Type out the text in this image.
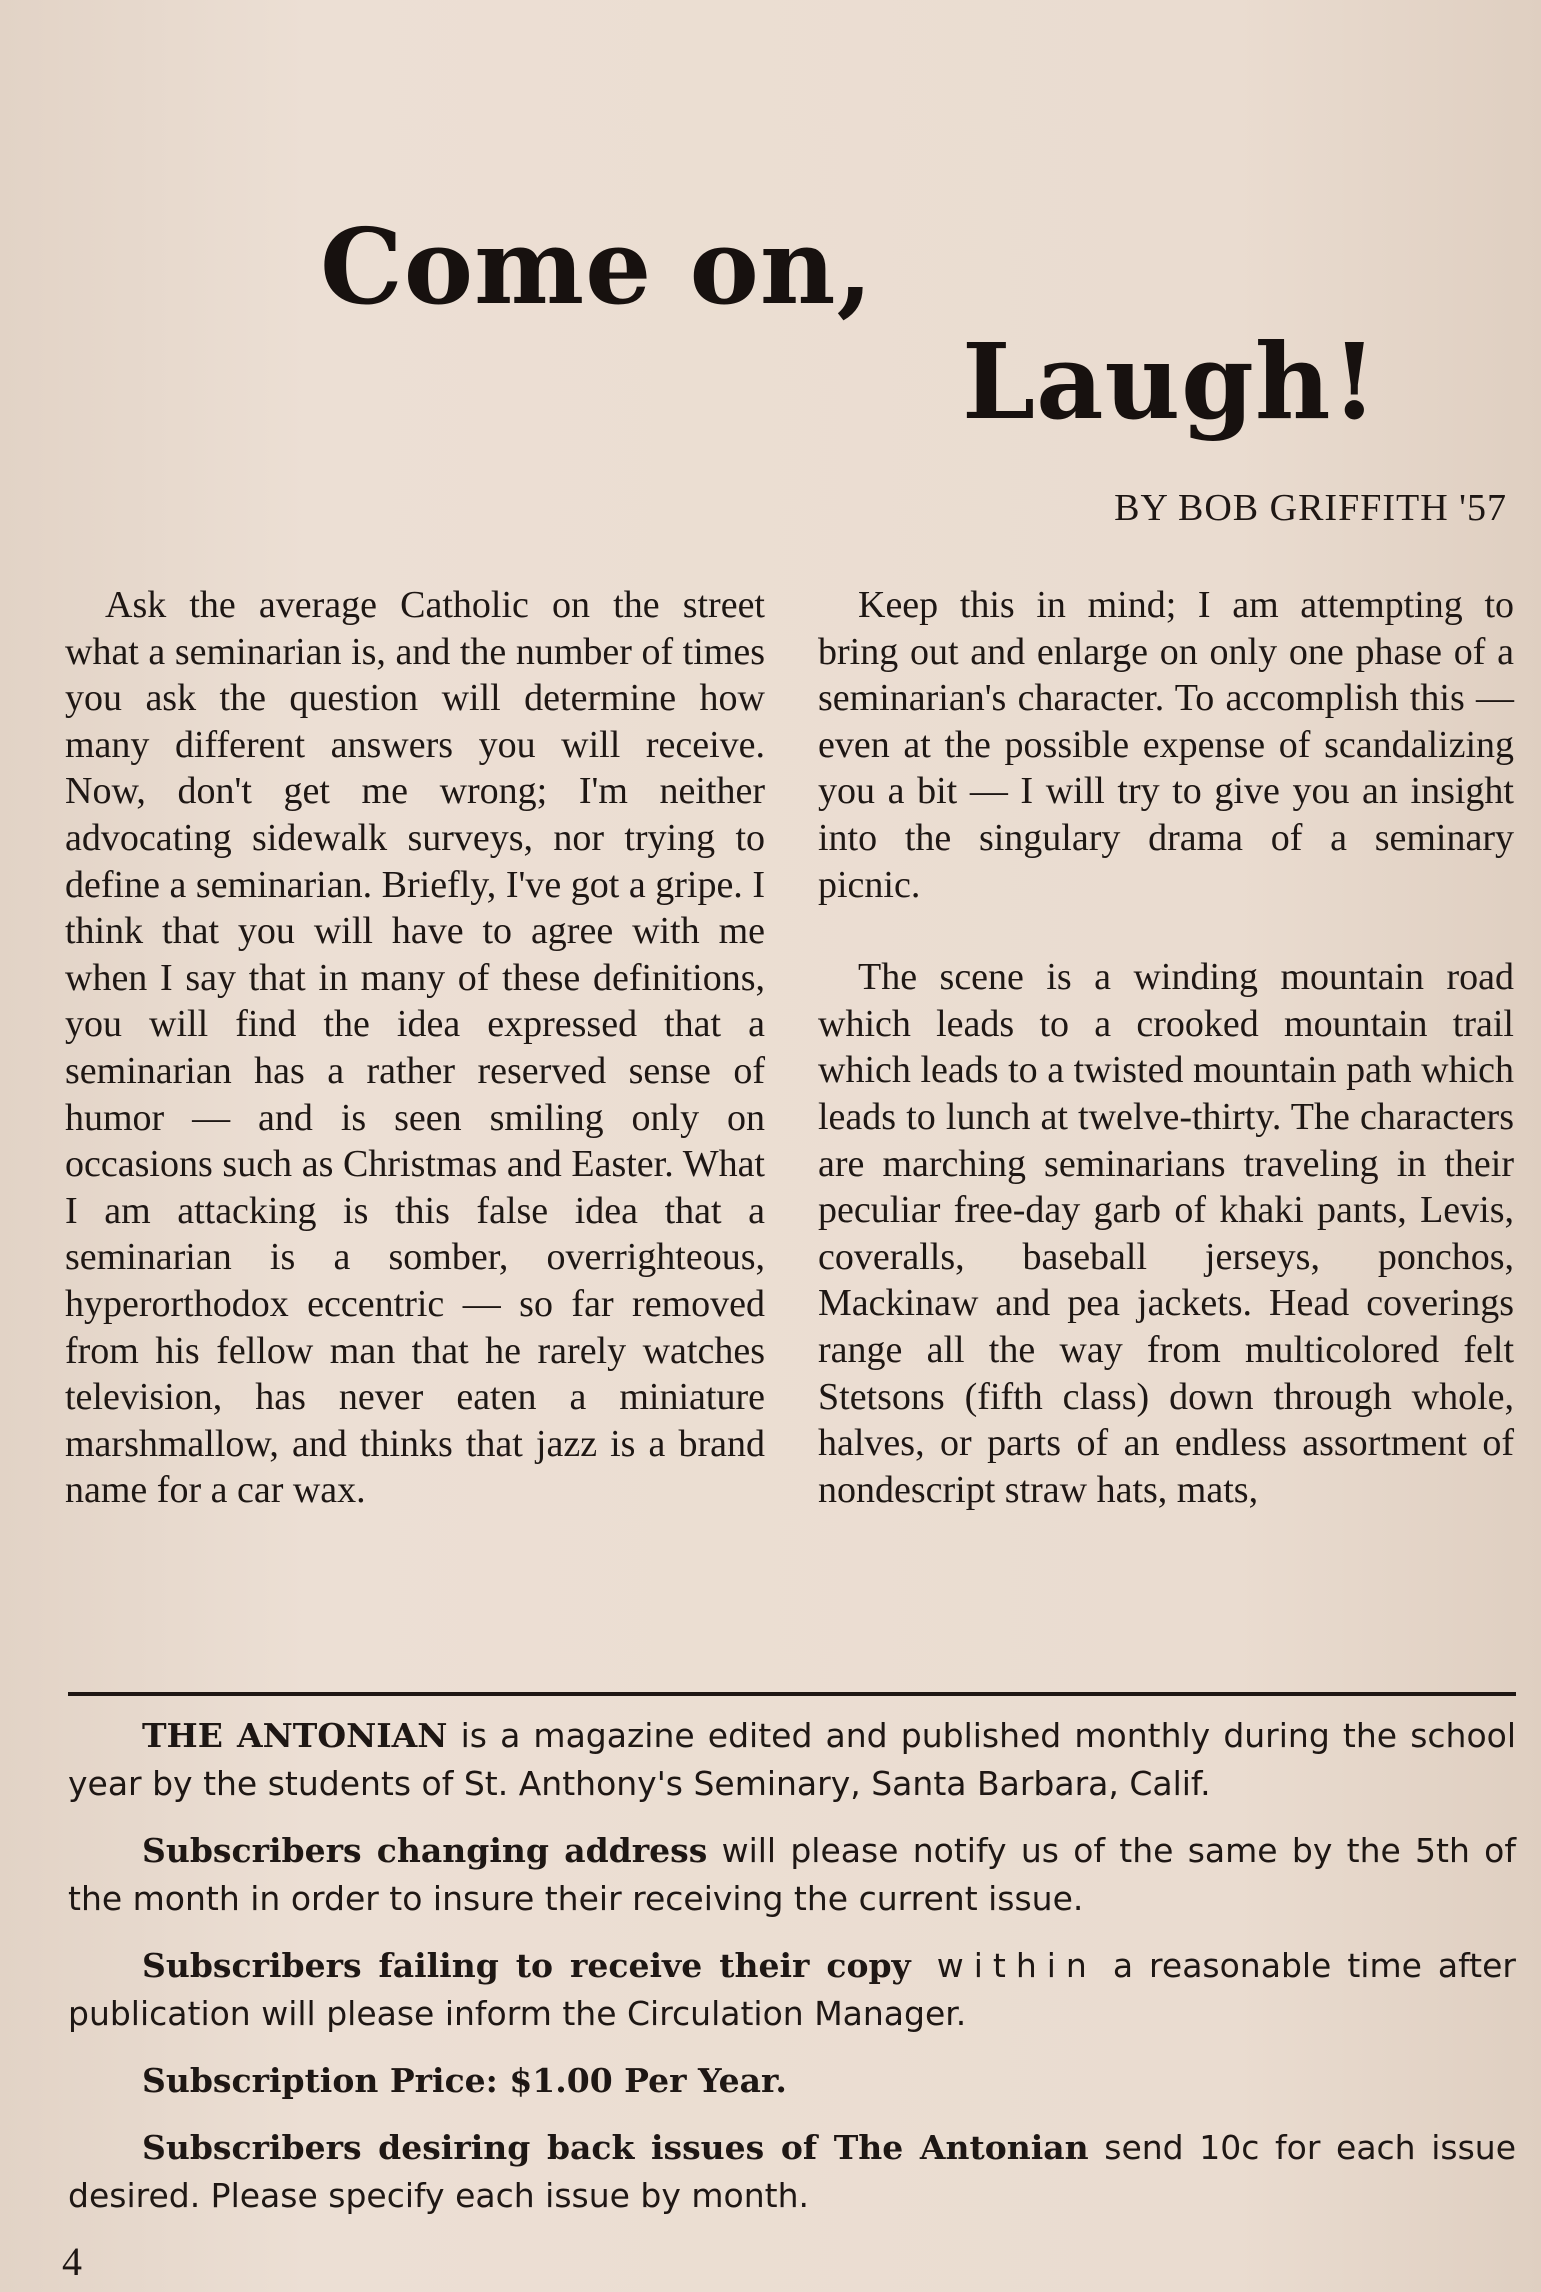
Come on,
Laugh!
BY BOB GRIFFITH '57

Ask the average Catholic on the street what a seminarian is, and the number of times you ask the question will determine how many different answers you will receive. Now, don't get me wrong; I'm neither advocating sidewalk surveys, nor trying to define a seminarian. Briefly, I've got a gripe. I think that you will have to agree with me when I say that in many of these definitions, you will find the idea expressed that a seminarian has a rather reserved sense of humor — and is seen smiling only on occasions such as Christmas and Easter. What I am attacking is this false idea that a seminarian is a somber, overrighteous, hyperorthodox eccentric — so far removed from his fellow man that he rarely watches television, has never eaten a miniature marshmallow, and thinks that jazz is a brand name for a car wax.

Keep this in mind; I am attempting to bring out and enlarge on only one phase of a seminarian's character. To accomplish this — even at the possible expense of scandalizing you a bit — I will try to give you an insight into the singulary drama of a seminary picnic.

The scene is a winding mountain road which leads to a crooked mountain trail which leads to a twisted mountain path which leads to lunch at twelve-thirty. The characters are marching seminarians traveling in their peculiar free-day garb of khaki pants, Levis, coveralls, baseball jerseys, ponchos, Mackinaw and pea jackets. Head coverings range all the way from multicolored felt Stetsons (fifth class) down through whole, halves, or parts of an endless assortment of nondescript straw hats, mats,

THE ANTONIAN is a magazine edited and published monthly during the school year by the students of St. Anthony's Seminary, Santa Barbara, Calif.

Subscribers changing address will please notify us of the same by the 5th of the month in order to insure their receiving the current issue.

Subscribers failing to receive their copy within a reasonable time after publication will please inform the Circulation Manager.

Subscription Price: $1.00 Per Year.

Subscribers desiring back issues of The Antonian send 10c for each issue desired. Please specify each issue by month.

4
